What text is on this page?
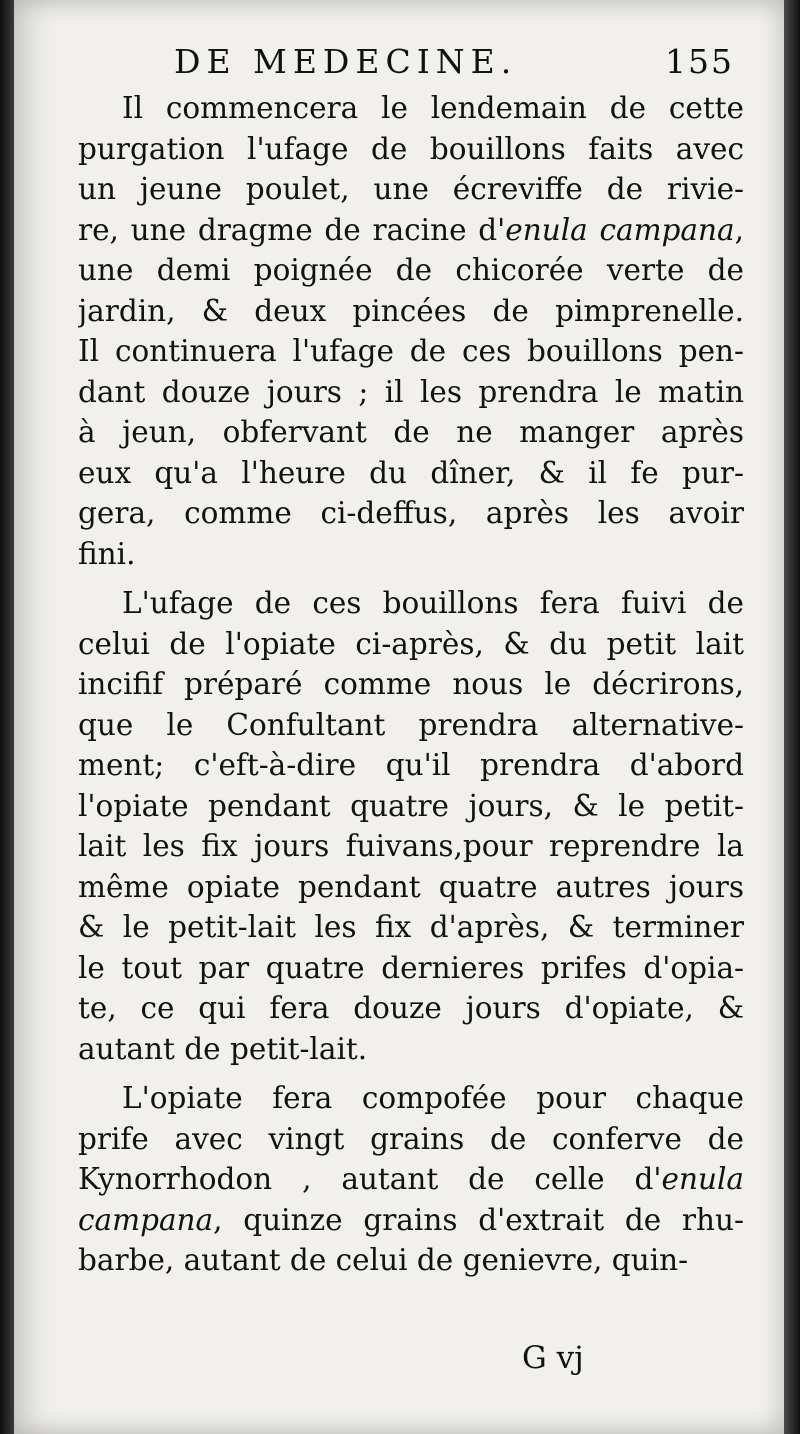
DE MEDECINE.	155
Il commencera le lendemain de cette
purgation l'ufage de bouillons faits avec
un jeune poulet, une écreviffe de rivie-
re, une dragme de racine d'enula campana,
une demi poignée de chicorée verte de
jardin, & deux pincées de pimprenelle.
Il continuera l'ufage de ces bouillons pen-
dant douze jours ; il les prendra le matin
à jeun, obfervant de ne manger après
eux qu'a l'heure du dîner, & il fe pur-
gera, comme ci-deffus, après les avoir
fini.
L'ufage de ces bouillons fera fuivi de
celui de l'opiate ci-après, & du petit lait
incifif préparé comme nous le décrirons,
que le Confultant prendra alternative-
ment; c'eft-à-dire qu'il prendra d'abord
l'opiate pendant quatre jours, & le petit-
lait les fix jours fuivans,pour reprendre la
même opiate pendant quatre autres jours
& le petit-lait les fix d'après, & terminer
le tout par quatre dernieres prifes d'opia-
te, ce qui fera douze jours d'opiate, &
autant de petit-lait.
L'opiate fera compofée pour chaque
prife avec vingt grains de conferve de
Kynorrhodon , autant de celle d'enula
campana, quinze grains d'extrait de rhu-
barbe, autant de celui de genievre, quin-
G vj
